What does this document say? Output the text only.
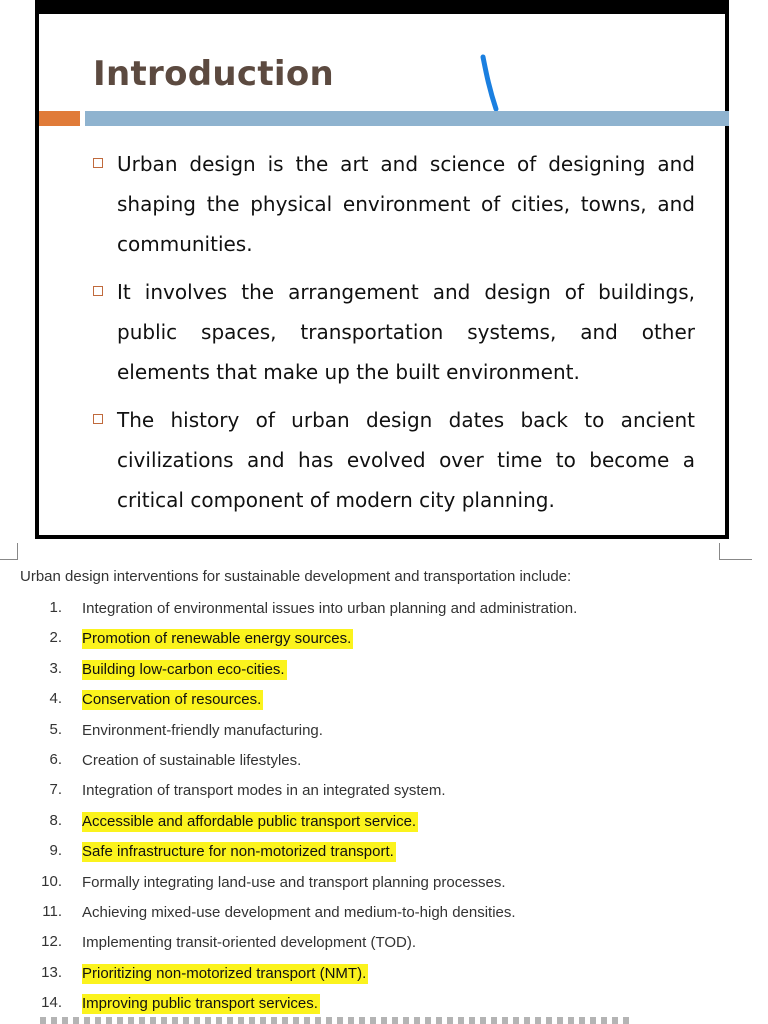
Introduction
Urban design is the art and science of designing and shaping the physical environment of cities, towns, and communities.
It involves the arrangement and design of buildings, public spaces, transportation systems, and other elements that make up the built environment.
The history of urban design dates back to ancient civilizations and has evolved over time to become a critical component of modern city planning.
Urban design interventions for sustainable development and transportation include:
1. Integration of environmental issues into urban planning and administration.
2. Promotion of renewable energy sources.
3. Building low-carbon eco-cities.
4. Conservation of resources.
5. Environment-friendly manufacturing.
6. Creation of sustainable lifestyles.
7. Integration of transport modes in an integrated system.
8. Accessible and affordable public transport service.
9. Safe infrastructure for non-motorized transport.
10. Formally integrating land-use and transport planning processes.
11. Achieving mixed-use development and medium-to-high densities.
12. Implementing transit-oriented development (TOD).
13. Prioritizing non-motorized transport (NMT).
14. Improving public transport services.
